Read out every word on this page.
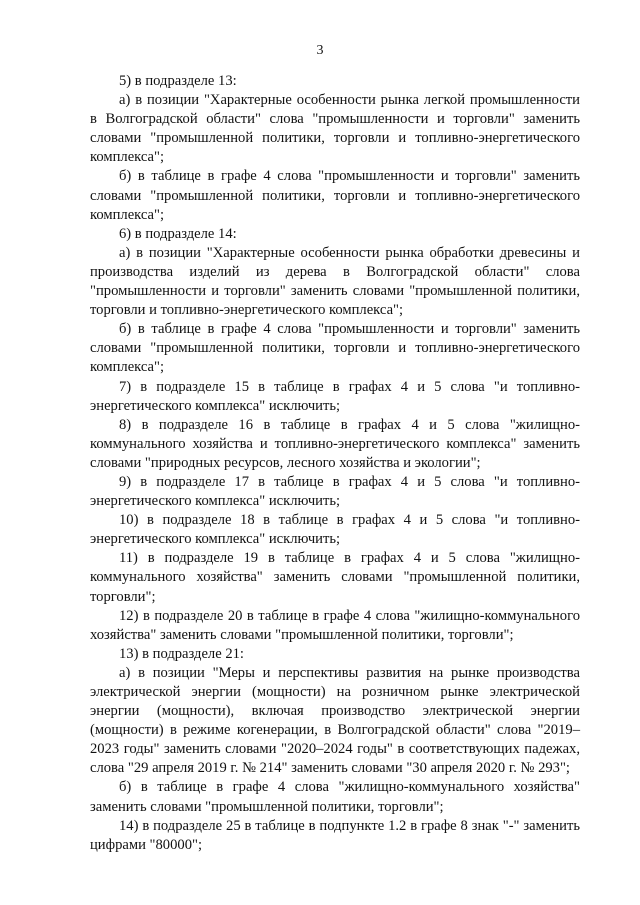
3

5) в подразделе 13:

а) в позиции "Характерные особенности рынка легкой промышленности в Волгоградской области" слова "промышленности и торговли" заменить словами "промышленной политики, торговли и топливно-энергетического комплекса";

б) в таблице в графе 4 слова "промышленности и торговли" заменить словами "промышленной политики, торговли и топливно-энергетического комплекса";

6) в подразделе 14:

а) в позиции "Характерные особенности рынка обработки древесины и производства изделий из дерева в Волгоградской области" слова "промышленности и торговли" заменить словами "промышленной политики, торговли и топливно-энергетического комплекса";

б) в таблице в графе 4 слова "промышленности и торговли" заменить словами "промышленной политики, торговли и топливно-энергетического комплекса";

7) в подразделе 15 в таблице в графах 4 и 5 слова "и топливно-энергетического комплекса" исключить;

8) в подразделе 16 в таблице в графах 4 и 5 слова "жилищно-коммунального хозяйства и топливно-энергетического комплекса" заменить словами "природных ресурсов, лесного хозяйства и экологии";

9) в подразделе 17 в таблице в графах 4 и 5 слова "и топливно-энергетического комплекса" исключить;

10) в подразделе 18 в таблице в графах 4 и 5 слова "и топливно-энергетического комплекса" исключить;

11) в подразделе 19 в таблице в графах 4 и 5 слова "жилищно-коммунального хозяйства" заменить словами "промышленной политики, торговли";

12) в подразделе 20 в таблице в графе 4 слова "жилищно-коммунального хозяйства" заменить словами "промышленной политики, торговли";

13) в подразделе 21:

а) в позиции "Меры и перспективы развития на рынке производства электрической энергии (мощности) на розничном рынке электрической энергии (мощности), включая производство электрической энергии (мощности) в режиме когенерации, в Волгоградской области" слова "2019–2023 годы" заменить словами "2020–2024 годы" в соответствующих падежах, слова "29 апреля 2019 г. № 214" заменить словами "30 апреля 2020 г. № 293";

б) в таблице в графе 4 слова "жилищно-коммунального хозяйства" заменить словами "промышленной политики, торговли";

14) в подразделе 25 в таблице в подпункте 1.2 в графе 8 знак "-" заменить цифрами "80000";
